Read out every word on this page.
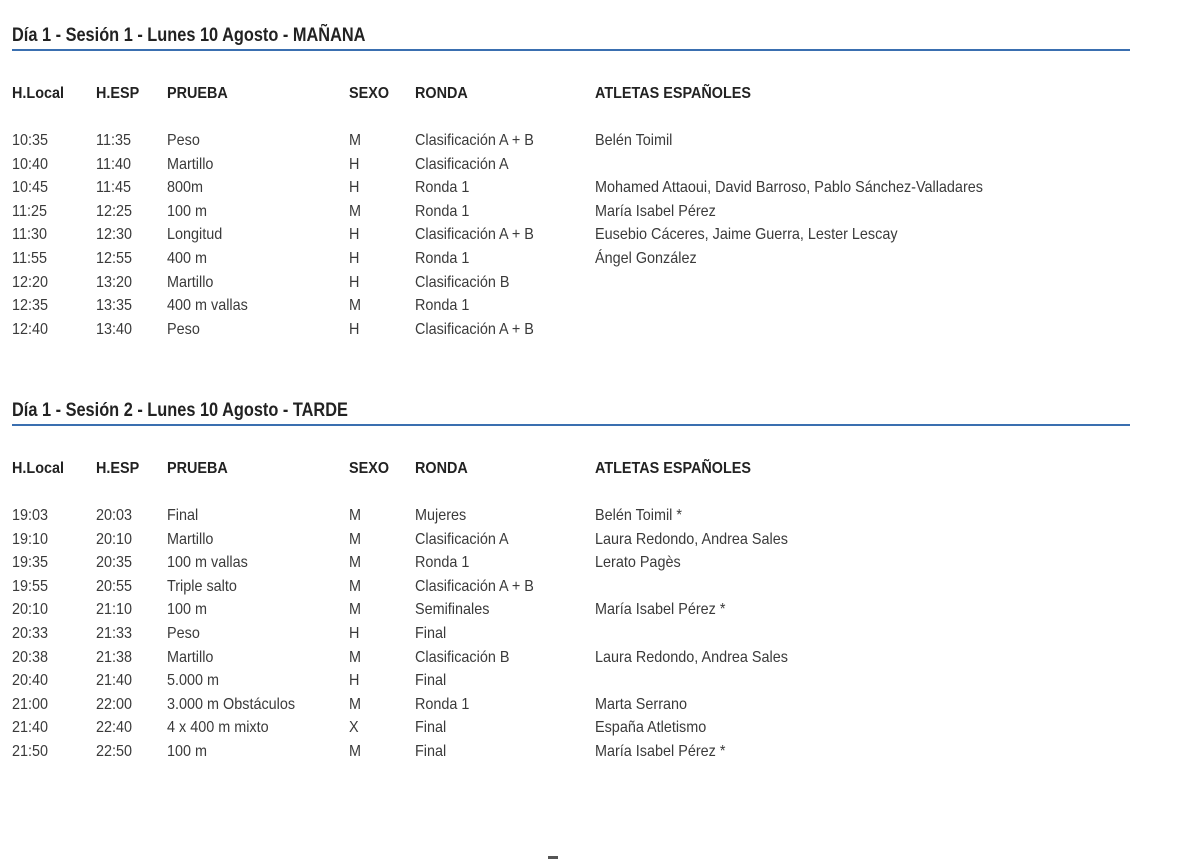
Día 1 - Sesión 1 - Lunes 10 Agosto - MAÑANA
H.Local H.ESP PRUEBA	SEXO RONDA	ATLETAS ESPAÑOLES
10:35	11:35 Peso	M	Clasificación A + B	Belén Toimil
10:40	11:40 Martillo	H	Clasificación A
10:45	11:45 800m	H	Ronda 1	Mohamed Attaoui, David Barroso, Pablo Sánchez-Valladares
11:25	12:25 100 m	M	Ronda 1	María Isabel Pérez
11:30	12:30 Longitud	H	Clasificación A + B	Eusebio Cáceres, Jaime Guerra, Lester Lescay
11:55	12:55 400 m	H	Ronda 1	Ángel González
12:20	13:20 Martillo	H	Clasificación B
12:35	13:35 400 m vallas	M	Ronda 1
12:40	13:40 Peso	H	Clasificación A + B
Día 1 - Sesión 2 - Lunes 10 Agosto - TARDE
H.Local H.ESP PRUEBA	SEXO RONDA	ATLETAS ESPAÑOLES
19:03	20:03 Final	M	Mujeres	Belén Toimil *
19:10	20:10 Martillo	M	Clasificación A	Laura Redondo, Andrea Sales
19:35	20:35 100 m vallas	M	Ronda 1	Lerato Pagès
19:55	20:55 Triple salto	M	Clasificación A + B
20:10	21:10 100 m	M	Semifinales	María Isabel Pérez *
20:33	21:33 Peso	H	Final
20:38	21:38 Martillo	M	Clasificación B	Laura Redondo, Andrea Sales
20:40	21:40 5.000 m	H	Final
21:00	22:00 3.000 m Obstáculos	M	Ronda 1	Marta Serrano
21:40	22:40 4 x 400 m mixto	X	Final	España Atletismo
21:50	22:50 100 m	M	Final	María Isabel Pérez *
